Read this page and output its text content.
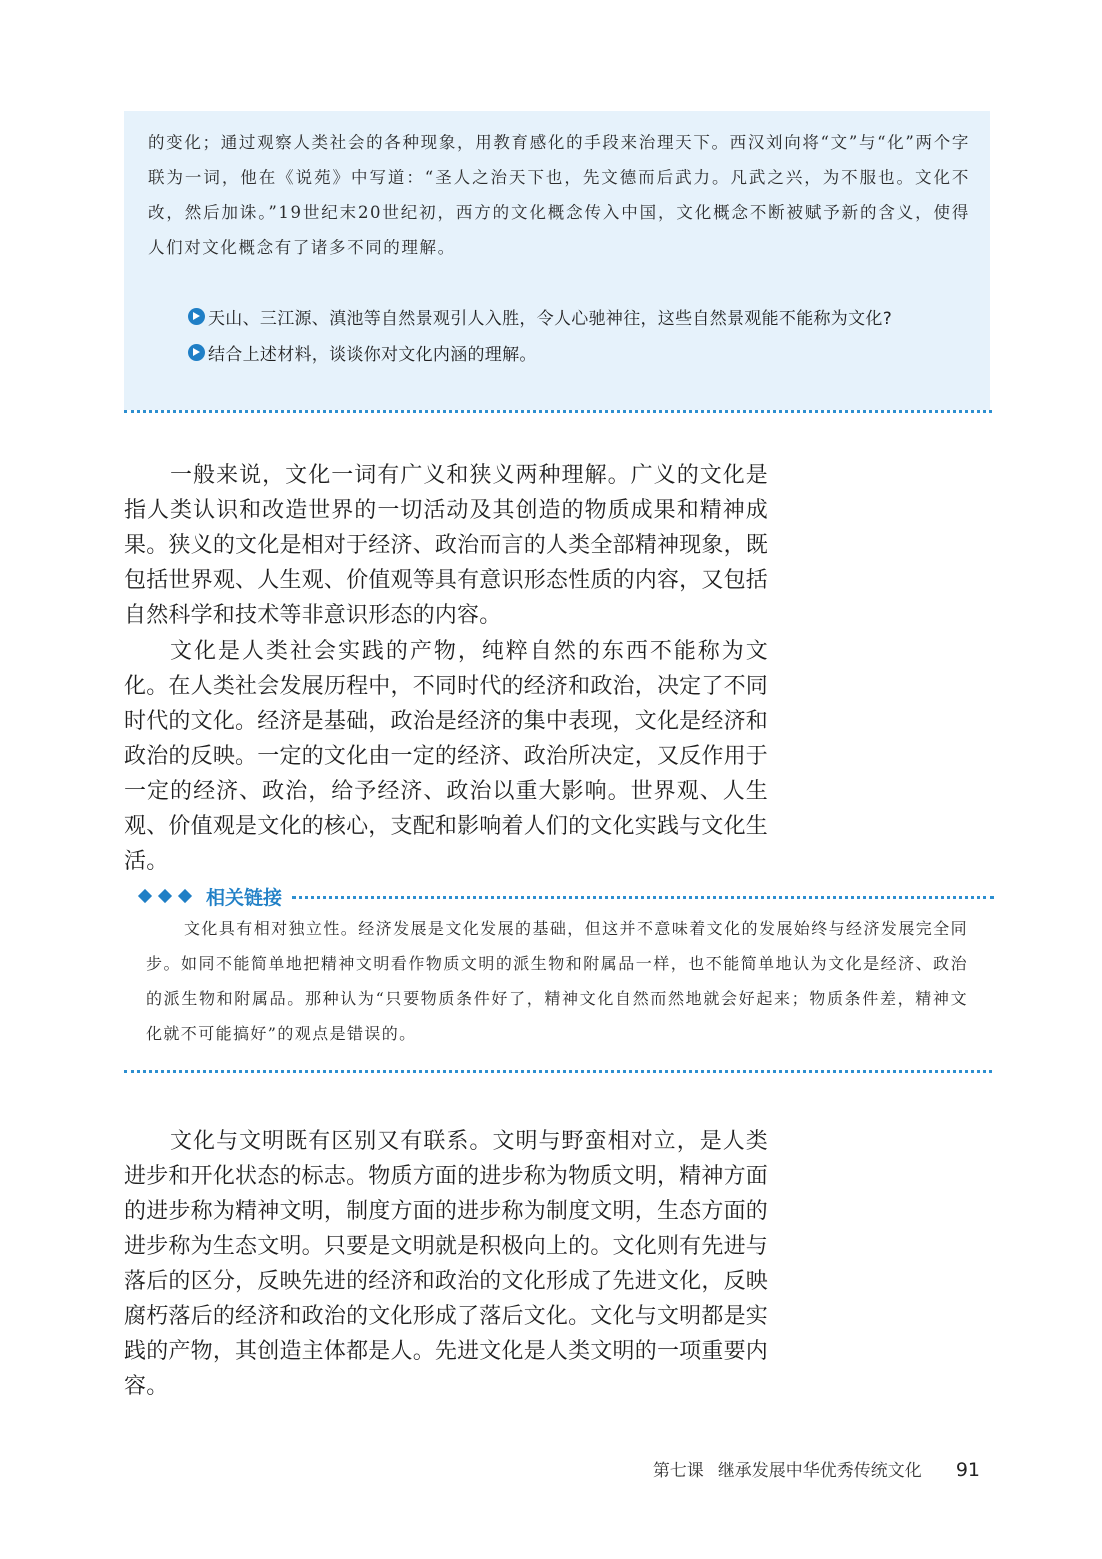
的变化；通过观察人类社会的各种现象，用教育感化的手段来治理天下。西汉刘向将“文”与“化”两个字联为一词，他在《说苑》中写道：“圣人之治天下也，先文德而后武力。凡武之兴，为不服也。文化不改，然后加诛。”19世纪末20世纪初，西方的文化概念传入中国，文化概念不断被赋予新的含义，使得人们对文化概念有了诸多不同的理解。

天山、三江源、滇池等自然景观引人入胜，令人心驰神往，这些自然景观能不能称为文化?
结合上述材料，谈谈你对文化内涵的理解。

一般来说，文化一词有广义和狭义两种理解。广义的文化是指人类认识和改造世界的一切活动及其创造的物质成果和精神成果。狭义的文化是相对于经济、政治而言的人类全部精神现象，既包括世界观、人生观、价值观等具有意识形态性质的内容，又包括自然科学和技术等非意识形态的内容。

文化是人类社会实践的产物，纯粹自然的东西不能称为文化。在人类社会发展历程中，不同时代的经济和政治，决定了不同时代的文化。经济是基础，政治是经济的集中表现，文化是经济和政治的反映。一定的文化由一定的经济、政治所决定，又反作用于一定的经济、政治，给予经济、政治以重大影响。世界观、人生观、价值观是文化的核心，支配和影响着人们的文化实践与文化生活。

相关链接

文化具有相对独立性。经济发展是文化发展的基础，但这并不意味着文化的发展始终与经济发展完全同步。如同不能简单地把精神文明看作物质文明的派生物和附属品一样，也不能简单地认为文化是经济、政治的派生物和附属品。那种认为“只要物质条件好了，精神文化自然而然地就会好起来；物质条件差，精神文化就不可能搞好”的观点是错误的。

文化与文明既有区别又有联系。文明与野蛮相对立，是人类进步和开化状态的标志。物质方面的进步称为物质文明，精神方面的进步称为精神文明，制度方面的进步称为制度文明，生态方面的进步称为生态文明。只要是文明就是积极向上的。文化则有先进与落后的区分，反映先进的经济和政治的文化形成了先进文化，反映腐朽落后的经济和政治的文化形成了落后文化。文化与文明都是实践的产物，其创造主体都是人。先进文化是人类文明的一项重要内容。

第七课 继承发展中华优秀传统文化 91
